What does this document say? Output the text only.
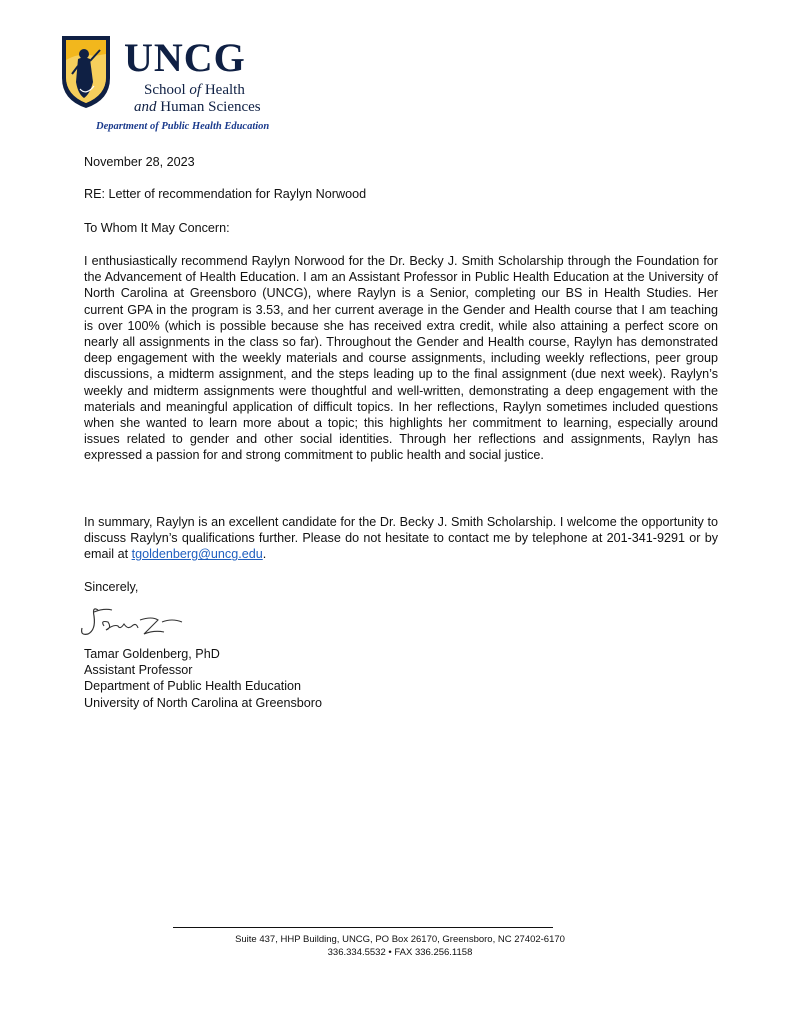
UNCG
School of Health
and Human Sciences
Department of Public Health Education
November 28, 2023
RE: Letter of recommendation for Raylyn Norwood
To Whom It May Concern:

I enthusiastically recommend Raylyn Norwood for the Dr. Becky J. Smith Scholarship through the Foundation for the Advancement of Health Education. I am an Assistant Professor in Public Health Education at the University of North Carolina at Greensboro (UNCG), where Raylyn is a Senior, completing our BS in Health Studies. Her current GPA in the program is 3.53, and her current average in the Gender and Health course that I am teaching is over 100% (which is possible because she has received extra credit, while also attaining a perfect score on nearly all assignments in the class so far). Throughout the Gender and Health course, Raylyn has demonstrated deep engagement with the weekly materials and course assignments, including weekly reflections, peer group discussions, a midterm assignment, and the steps leading up to the final assignment (due next week). Raylyn’s weekly and midterm assignments were thoughtful and well-written, demonstrating a deep engagement with the materials and meaningful application of difficult topics. In her reflections, Raylyn sometimes included questions when she wanted to learn more about a topic; this highlights her commitment to learning, especially around issues related to gender and other social identities. Through her reflections and assignments, Raylyn has expressed a passion for and strong commitment to public health and social justice.

In summary, Raylyn is an excellent candidate for the Dr. Becky J. Smith Scholarship. I welcome the opportunity to discuss Raylyn’s qualifications further. Please do not hesitate to contact me by telephone at 201-341-9291 or by email at tgoldenberg@uncg.edu.

Sincerely,
Tamar Goldenberg, PhD
Assistant Professor
Department of Public Health Education
University of North Carolina at Greensboro
Suite 437, HHP Building, UNCG, PO Box 26170, Greensboro, NC 27402-6170
336.334.5532 • FAX 336.256.1158
